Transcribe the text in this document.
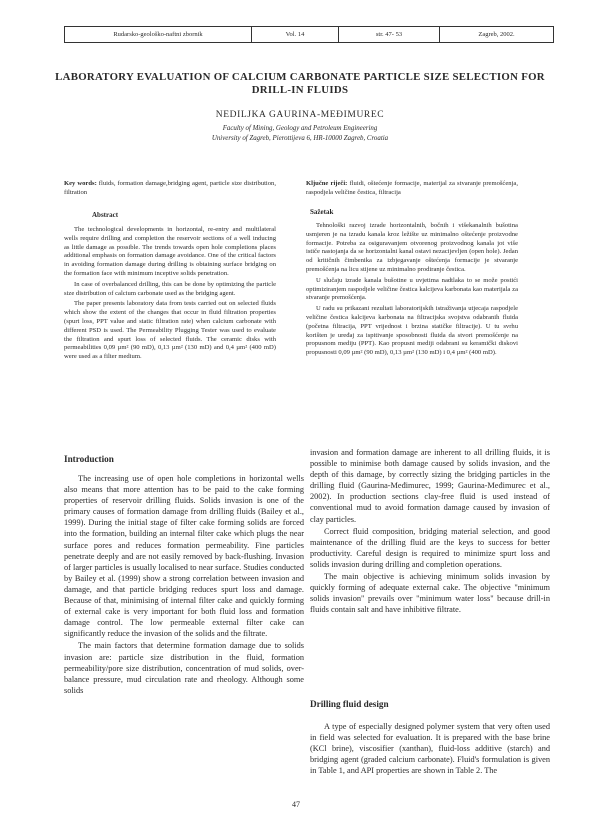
Rudarsko-geološko-naftni zbornik	Vol. 14	str. 47- 53	Zagreb, 2002.
LABORATORY EVALUATION OF CALCIUM CARBONATE PARTICLE SIZE SELECTION FOR DRILL-IN FLUIDS
NEDILJKA GAURINA-MEĐIMUREC
Faculty of Mining, Geology and Petroleum Engineering
University of Zagreb, Pierottijeva 6, HR-10000 Zagreb, Croatia
Key words: fluids, formation damage,bridging agent, particle size distribution, filtration
Abstract

The technological developments in horizontal, re-entry and multilateral wells require drilling and completion the reservoir sections of a well inducing as little damage as possible. The trends towards open hole completions places additional emphasis on formation damage avoidance. One of the critical factors in avoiding formation damage during drilling is obtaining surface bridging on the formation face with minimum inceptive solids penetration.

In case of overbalanced drilling, this can be done by optimizing the particle size distribution of calcium carbonate used as the bridging agent.

The paper presents laboratory data from tests carried out on selected fluids which show the extent of the changes that occur in fluid filtration properties (spurt loss, PPT value and static filtration rate) when calcium carbonate with different PSD is used. The Permeability Plugging Tester was used to evaluate the filtration and spurt loss of selected fluids. The ceramic disks with permeabilities 0,09 µm² (90 mD), 0,13 µm² (130 mD) and 0,4 µm² (400 mD) were used as a filter medium.

Ključne riječi: fluidi, oštećenje formacije, materijal za stvaranje premošćenja, raspodjela veličine čestica, filtracija
Sažetak

Tehnološki razvoj izrade horizontalnih, bočnih i višekanalnih bušotina usmjeren je na izradu kanala kroz ležište uz minimalno oštećenje proizvodne formacije. Potreba za osiguravanjem otvorenog proizvodnog kanala jot više ističe nastojanja da se horizontalni kanal ostavi nezacijevljen (open hole). Jedan od kritičnih čimbenika za izbjegavanje oštećenja formacije je stvaranje premošćenja na licu stijene uz minimalno prodiranje čestica.

U slučaju izrade kanala bušotine u uvjetima nadtlaka to se može postići optimiziranjem raspodjele veličine čestica kalcijeva karbonata kao materijala za stvaranje premošćenja.

U radu su prikazani rezultati laboratorijskih istraživanja utjecaja raspodjele veličine čestica kalcijeva karbonata na filtracijska svojstva odabranih fluida (početna filtracija, PPT vrijednost i brzina statičke filtracije). U tu svrhu korišten je uređaj za ispitivanje sposobnosti fluida da stvori premošćenje na propusnom mediju (PPT). Kao propusni mediji odabrani su keramički diskovi propusnosti 0,09 µm² (90 mD), 0,13 µm² (130 mD) i 0,4 µm² (400 mD).

Introduction

The increasing use of open hole completions in horizontal wells also means that more attention has to be paid to the cake forming properties of reservoir drilling fluids. Solids invasion is one of the primary causes of formation damage from drilling fluids (Bailey et al., 1999). During the initial stage of filter cake forming solids are forced into the formation, building an internal filter cake which plugs the near surface pores and reduces formation permeability. Fine particles penetrate deeply and are not easily removed by back-flushing. Invasion of larger particles is usually localised to near surface. Studies conducted by Bailey et al. (1999) show a strong correlation between invasion and damage, and that particle bridging reduces spurt loss and damage. Because of that, minimising of internal filter cake and quickly forming of external cake is very important for both fluid loss and formation damage control. The low permeable external filter cake can significantly reduce the invasion of the solids and the filtrate.

The main factors that determine formation damage due to solids invasion are: particle size distribution in the fluid, formation permeability/pore size distribution, concentration of mud solids, over-balance pressure, mud circulation rate and rheology. Although some solids

invasion and formation damage are inherent to all drilling fluids, it is possible to minimise both damage caused by solids invasion, and the depth of this damage, by correctly sizing the bridging particles in the drilling fluid (Gaurina-Međimurec, 1999; Gaurina-Međimurec et al., 2002). In production sections clay-free fluid is used instead of conventional mud to avoid formation damage caused by invasion of clay particles.

Correct fluid composition, bridging material selection, and good maintenance of the drilling fluid are the keys to success for better productivity. Careful design is required to minimize spurt loss and solids invasion during drilling and completion operations.

The main objective is achieving minimum solids invasion by quickly forming of adequate external cake. The objective "minimum solids invasion" prevails over "minimum water loss" because drill-in fluids contain salt and have inhibitive filtrate.

Drilling fluid design

A type of especially designed polymer system that very often used in field was selected for evaluation. It is prepared with the base brine (KCl brine), viscosifier (xanthan), fluid-loss additive (starch) and bridging agent (graded calcium carbonate). Fluid's formulation is given in Table 1, and API properties are shown in Table 2. The

47
